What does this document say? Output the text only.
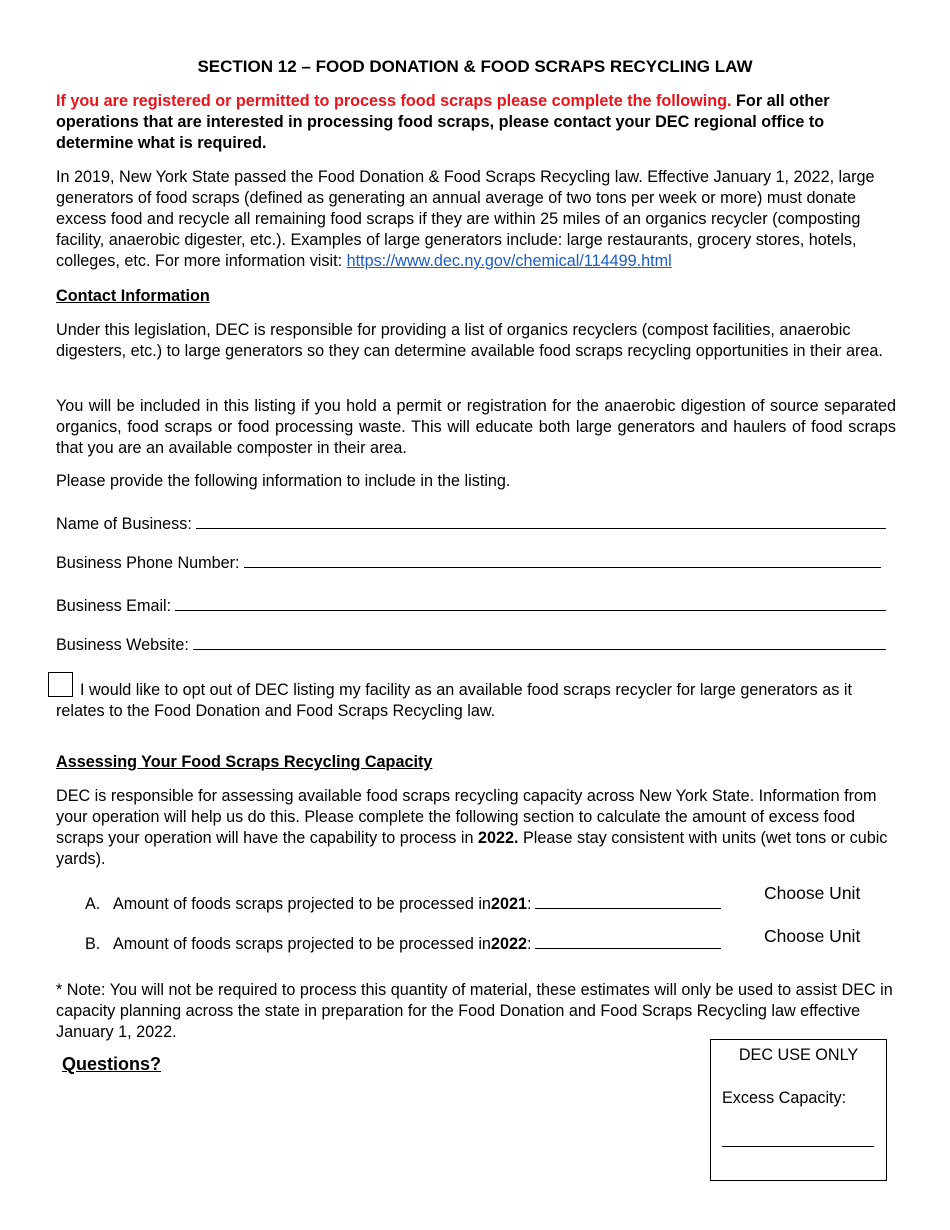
SECTION 12 – FOOD DONATION & FOOD SCRAPS RECYCLING LAW
If you are registered or permitted to process food scraps please complete the following. For all other operations that are interested in processing food scraps, please contact your DEC regional office to determine what is required.
In 2019, New York State passed the Food Donation & Food Scraps Recycling law. Effective January 1, 2022, large generators of food scraps (defined as generating an annual average of two tons per week or more) must donate excess food and recycle all remaining food scraps if they are within 25 miles of an organics recycler (composting facility, anaerobic digester, etc.). Examples of large generators include: large restaurants, grocery stores, hotels, colleges, etc. For more information visit: https://www.dec.ny.gov/chemical/114499.html
Contact Information
Under this legislation, DEC is responsible for providing a list of organics recyclers (compost facilities, anaerobic digesters, etc.) to large generators so they can determine available food scraps recycling opportunities in their area.
You will be included in this listing if you hold a permit or registration for the anaerobic digestion of source separated organics, food scraps or food processing waste. This will educate both large generators and haulers of food scraps that you are an available composter in their area.
Please provide the following information to include in the listing.
Name of Business:
Business Phone Number:
Business Email:
Business Website:
I would like to opt out of DEC listing my facility as an available food scraps recycler for large generators as it relates to the Food Donation and Food Scraps Recycling law.
Assessing Your Food Scraps Recycling Capacity
DEC is responsible for assessing available food scraps recycling capacity across New York State. Information from your operation will help us do this. Please complete the following section to calculate the amount of excess food scraps your operation will have the capability to process in 2022. Please stay consistent with units (wet tons or cubic yards).
A. Amount of foods scraps projected to be processed in 2021 :
Choose Unit
B. Amount of foods scraps projected to be processed in 2022 :	Choose Unit
* Note: You will not be required to process this quantity of material, these estimates will only be used to assist DEC in capacity planning across the state in preparation for the Food Donation and Food Scraps Recycling law effective January 1, 2022.
Questions?	DEC USE ONLY
Excess Capacity:
